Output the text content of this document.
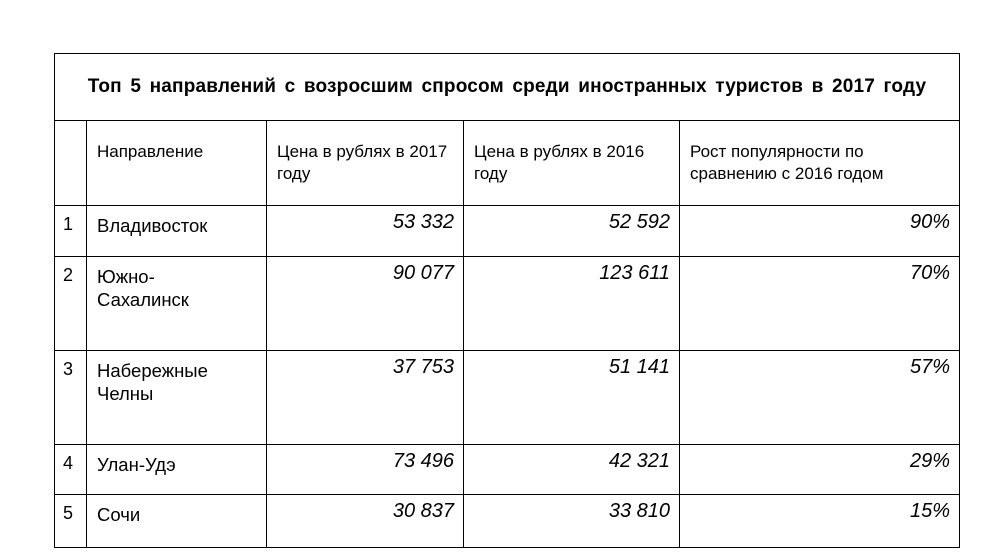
Топ 5 направлений с возросшим спросом среди иностранных туристов в 2017 году				

	Направление	Цена в рублях в 2017 году	Цена в рублях в 2016 году	Рост популярности по сравнению с 2016 годом

1	Владивосток	53 332	52 592	90%

2	Южно-Сахалинск	90 077	123 611	70%

3	Набережные Челны	37 753	51 141	57%

4	Улан-Удэ	73 496	42 321	29%

5	Сочи	30 837	33 810	15%
